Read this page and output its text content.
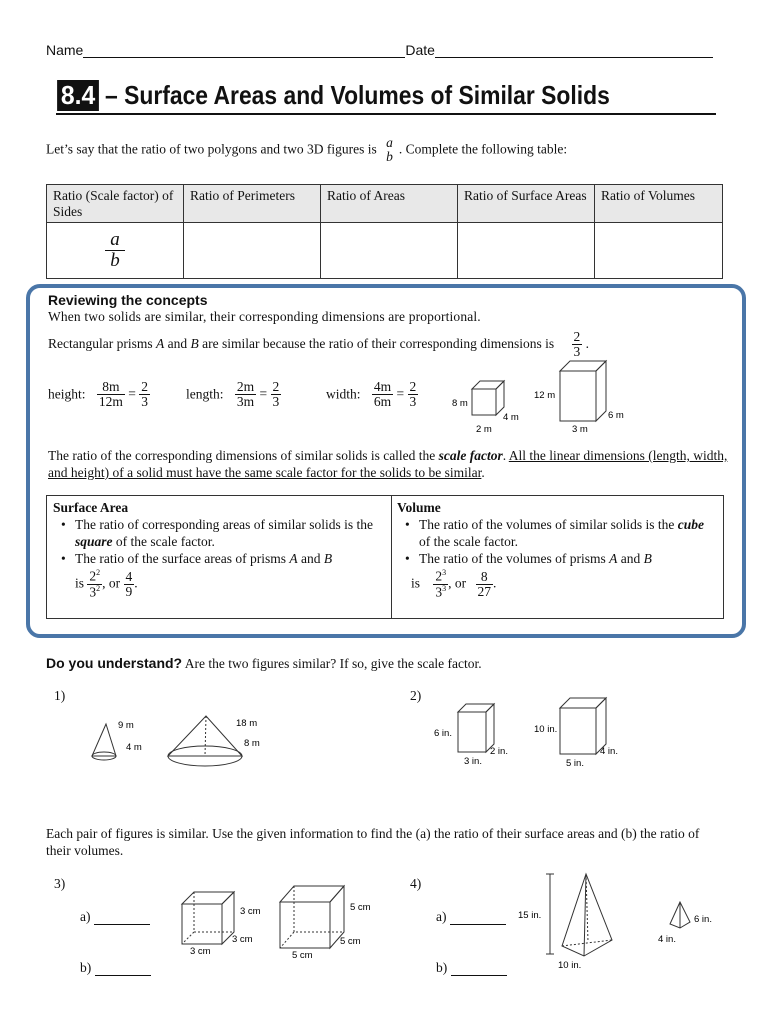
Name	Date
8.4 – Surface Areas and Volumes of Similar Solids
Let’s say that the ratio of two polygons and two 3D figures is a
b
. Complete the following table:
Ratio (Scale factor) of Sides	Ratio of Perimeters	Ratio of Areas	Ratio of Surface Areas	Ratio of Volumes

$\frac{a}{b}$

Reviewing the concepts
When two solids are similar, their corresponding dimensions are proportional.
Rectangular prisms A and B are similar because the ratio of their corresponding dimensions is $\frac{2}{3}$ .
height: $\frac{8m}{12m} = \frac{2}{3}$	length: $\frac{2m}{3m} = \frac{2}{3}$	width: $\frac{4m}{6m} = \frac{2}{3}$	8 m
4 m
2 m
12 m
6 m
3 m
The ratio of the corresponding dimensions of similar solids is called the scale factor. All the linear dimensions (length, width, and height) of a solid must have the same scale factor for the solids to be similar.
Surface Area
• The ratio of corresponding areas of similar solids is the square of the scale factor.
• The ratio of the surface areas of prisms A and B
is $\frac{2^2}{3^2}$ , or $\frac{4}{9}$ .
Volume
• The ratio of the volumes of similar solids is the cube of the scale factor.
• The ratio of the volumes of prisms A and B
is $\frac{2^3}{3^3}$ , or $\frac{8}{27}$ .
Do you understand? Are the two figures similar? If so, give the scale factor.
1)	2)
9 m
4 m
18 m
8 m
6 in.
2 in.
3 in.
10 in.
4 in.
5 in.
Each pair of figures is similar. Use the given information to find the (a) the ratio of their surface areas and (b) the ratio of their volumes.
3)	4)
a)
b)
a)
b)
3 cm
3 cm
3 cm
5 cm
5 cm
5 cm
15 in.
10 in.
6 in.
4 in.
